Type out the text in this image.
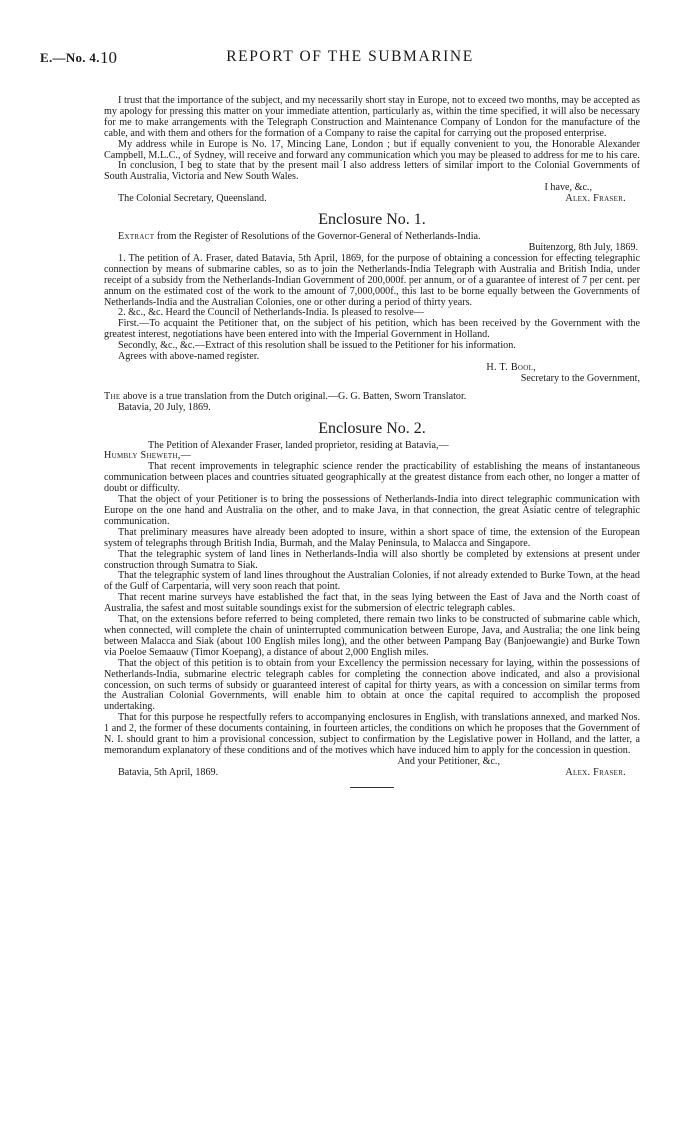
E.—No. 4. 10	REPORT OF THE SUBMARINE

I trust that the importance of the subject, and my necessarily short stay in Europe, not to exceed two months, may be accepted as my apology for pressing this matter on your immediate attention, particularly as, within the time specified, it will also be necessary for me to make arrangements with the Telegraph Construction and Maintenance Company of London for the manufacture of the cable, and with them and others for the formation of a Company to raise the capital for carrying out the proposed enterprise.

My address while in Europe is No. 17, Mincing Lane, London ; but if equally convenient to you, the Honorable Alexander Campbell, M.L.C., of Sydney, will receive and forward any communication which you may be pleased to address for me to his care.

In conclusion, I beg to state that by the present mail I also address letters of similar import to the Colonial Governments of South Australia, Victoria and New South Wales.

I have, &c.,

The Colonial Secretary, Queensland.	Alex. Fraser.
Enclosure No. 1.

Extract from the Register of Resolutions of the Governor-General of Netherlands-India.

Buitenzorg, 8th July, 1869.

1. The petition of A. Fraser, dated Batavia, 5th April, 1869, for the purpose of obtaining a concession for effecting telegraphic connection by means of submarine cables, so as to join the Netherlands-India Telegraph with Australia and British India, under receipt of a subsidy from the Netherlands-Indian Government of 200,000f. per annum, or of a guarantee of interest of 7 per cent. per annum on the estimated cost of the work to the amount of 7,000,000f., this last to be borne equally between the Governments of Netherlands-India and the Australian Colonies, one or other during a period of thirty years.

2. &c., &c. Heard the Council of Netherlands-India. Is pleased to resolve—

First.—To acquaint the Petitioner that, on the subject of his petition, which has been received by the Government with the greatest interest, negotiations have been entered into with the Imperial Government in Holland.

Secondly, &c., &c.—Extract of this resolution shall be issued to the Petitioner for his information.

Agrees with above-named register.

H. T. Bool,

Secretary to the Government,

The above is a true translation from the Dutch original.—G. G. Batten, Sworn Translator.

Batavia, 20 July, 1869.

Enclosure No. 2.

The Petition of Alexander Fraser, landed proprietor, residing at Batavia,—

Humbly Sheweth,—

That recent improvements in telegraphic science render the practicability of establishing the means of instantaneous communication between places and countries situated geographically at the greatest distance from each other, no longer a matter of doubt or difficulty.

That the object of your Petitioner is to bring the possessions of Netherlands-India into direct telegraphic communication with Europe on the one hand and Australia on the other, and to make Java, in that connection, the great Asiatic centre of telegraphic communication.

That preliminary measures have already been adopted to insure, within a short space of time, the extension of the European system of telegraphs through British India, Burmah, and the Malay Peninsula, to Malacca and Singapore.

That the telegraphic system of land lines in Netherlands-India will also shortly be completed by extensions at present under construction through Sumatra to Siak.

That the telegraphic system of land lines throughout the Australian Colonies, if not already extended to Burke Town, at the head of the Gulf of Carpentaria, will very soon reach that point.

That recent marine surveys have established the fact that, in the seas lying between the East of Java and the North coast of Australia, the safest and most suitable soundings exist for the submersion of electric telegraph cables.

That, on the extensions before referred to being completed, there remain two links to be constructed of submarine cable which, when connected, will complete the chain of uninterrupted communication between Europe, Java, and Australia; the one link being between Malacca and Siak (about 100 English miles long), and the other between Pampang Bay (Banjoewangie) and Burke Town via Poeloe Semaauw (Timor Koepang), a distance of about 2,000 English miles.

That the object of this petition is to obtain from your Excellency the permission necessary for laying, within the possessions of Netherlands-India, submarine electric telegraph cables for completing the connection above indicated, and also a provisional concession, on such terms of subsidy or guaranteed interest of capital for thirty years, as with a concession on similar terms from the Australian Colonial Governments, will enable him to obtain at once the capital required to accomplish the proposed undertaking.

That for this purpose he respectfully refers to accompanying enclosures in English, with translations annexed, and marked Nos. 1 and 2, the former of these documents containing, in fourteen articles, the conditions on which he proposes that the Government of N. I. should grant to him a provisional concession, subject to confirmation by the Legislative power in Holland, and the latter, a memorandum explanatory of these conditions and of the motives which have induced him to apply for the concession in question.

And your Petitioner, &c.,

Batavia, 5th April, 1869.	Alex. Fraser.
